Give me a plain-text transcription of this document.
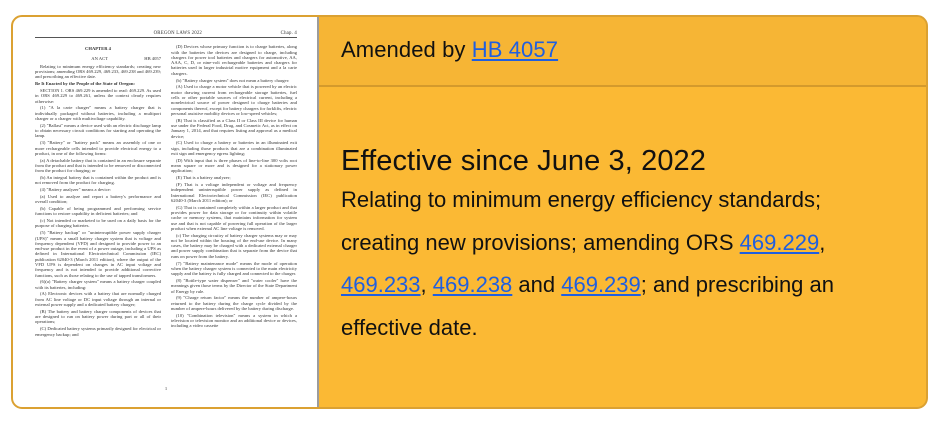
OREGON LAWS 2022	Chap. 4
CHAPTER 4
AN ACT	HB 4057

Relating to minimum energy efficiency standards; creating new provisions; amending ORS 469.229, 469.233, 469.238 and 469.239; and prescribing an effective date.

Be It Enacted by the People of the State of Oregon:

SECTION 1. ORS 469.229 is amended to read: 469.229. As used in ORS 469.229 to 469.261, unless the context clearly requires otherwise:

(1) "A la carte charger" means a battery charger that is individually packaged without batteries, including a multiport charger or a charger with multivoltage capability.

(2) "Ballast" means a device used with an electric discharge lamp to obtain necessary circuit conditions for starting and operating the lamp.

(3) "Battery" or "battery pack" means an assembly of one or more rechargeable cells intended to provide electrical energy to a product, in one of the following forms:

(a) A detachable battery that is contained in an enclosure separate from the product and that is intended to be removed or disconnected from the product for charging; or

(b) An integral battery that is contained within the product and is not removed from the product for charging.

(4) "Battery analyzer" means a device:

(a) Used to analyze and report a battery's performance and overall condition;

(b) Capable of being programmed and performing service functions to restore capability in deficient batteries; and

(c) Not intended or marketed to be used on a daily basis for the purpose of charging batteries.

(5) "Battery backup" or "uninterruptible power supply charger (UPS)" means a small battery charger system that is voltage and frequency dependent (VFD) and designed to provide power to an end-use product in the event of a power outage, including a UPS as defined in International Electrotechnical Commission (IEC) publication 62040-3 (March 2011 edition), where the output of the VFD UPS is dependent on changes in AC input voltage and frequency and is not intended to provide additional corrective functions, such as those relating to the use of tapped transformers.

(6)(a) "Battery charger system" means a battery charger coupled with its batteries, including:

(A) Electronic devices with a battery that are normally charged from AC line voltage or DC input voltage through an internal or external power supply and a dedicated battery charger;

(B) The battery and battery charger components of devices that are designed to run on battery power during part or all of their operations;

(C) Dedicated battery systems primarily designed for electrical or emergency backup; and

(D) Devices whose primary function is to charge batteries, along with the batteries the devices are designed to charge, including chargers for power tool batteries and chargers for automotive, AA, AAA, C, D, or nine-volt rechargeable batteries and chargers for batteries used in larger industrial motive equipment and a la carte chargers.

(b) "Battery charger system" does not mean a battery charger:

(A) Used to charge a motor vehicle that is powered by an electric motor drawing current from rechargeable storage batteries, fuel cells or other portable sources of electrical current, including a nonelectrical source of power designed to charge batteries and components thereof, except for battery chargers for forklifts, electric personal assistive mobility devices or low-speed vehicles;

(B) That is classified as a Class II or Class III device for human use under the Federal Food, Drug, and Cosmetic Act, as in effect on January 1, 2014, and that requires listing and approval as a medical device;

(C) Used to charge a battery or batteries in an illuminated exit sign, including those products that are a combination illuminated exit sign and emergency egress lighting;

(D) With input that is three phases of line-to-line 300 volts root mean square or more and is designed for a stationary power application;

(E) That is a battery analyzer;

(F) That is a voltage independent or voltage and frequency independent uninterruptible power supply as defined in International Electrotechnical Commission (IEC) publication 62040-3 (March 2011 edition); or

(G) That is contained completely within a larger product and that provides power for data storage or for continuity within volatile cache or memory systems, that maintains information for system use and that is not capable of powering full operation of the larger product when external AC line voltage is removed.

(c) The charging circuitry of battery charger systems may or may not be located within the housing of the end-use device. In many cases, the battery may be charged with a dedicated external charger and power supply combination that is separate from the device that runs on power from the battery.

(7) "Battery maintenance mode" means the mode of operation when the battery charger system is connected to the main electricity supply and the battery is fully charged and connected to the charger.

(8) "Bottle-type water dispenser" and "water cooler" have the meanings given those terms by the Director of the State Department of Energy by rule.

(9) "Charge return factor" means the number of ampere-hours returned to the battery during the charge cycle divided by the number of ampere-hours delivered by the battery during discharge.

(10) "Combination television" means a system in which a television or television monitor and an additional device or devices, including a video cassette

1
Amended by HB 4057
Effective since June 3, 2022

Relating to minimum energy efficiency standards; creating new provisions; amending ORS 469.229, 469.233, 469.238 and 469.239; and prescribing an effective date.
